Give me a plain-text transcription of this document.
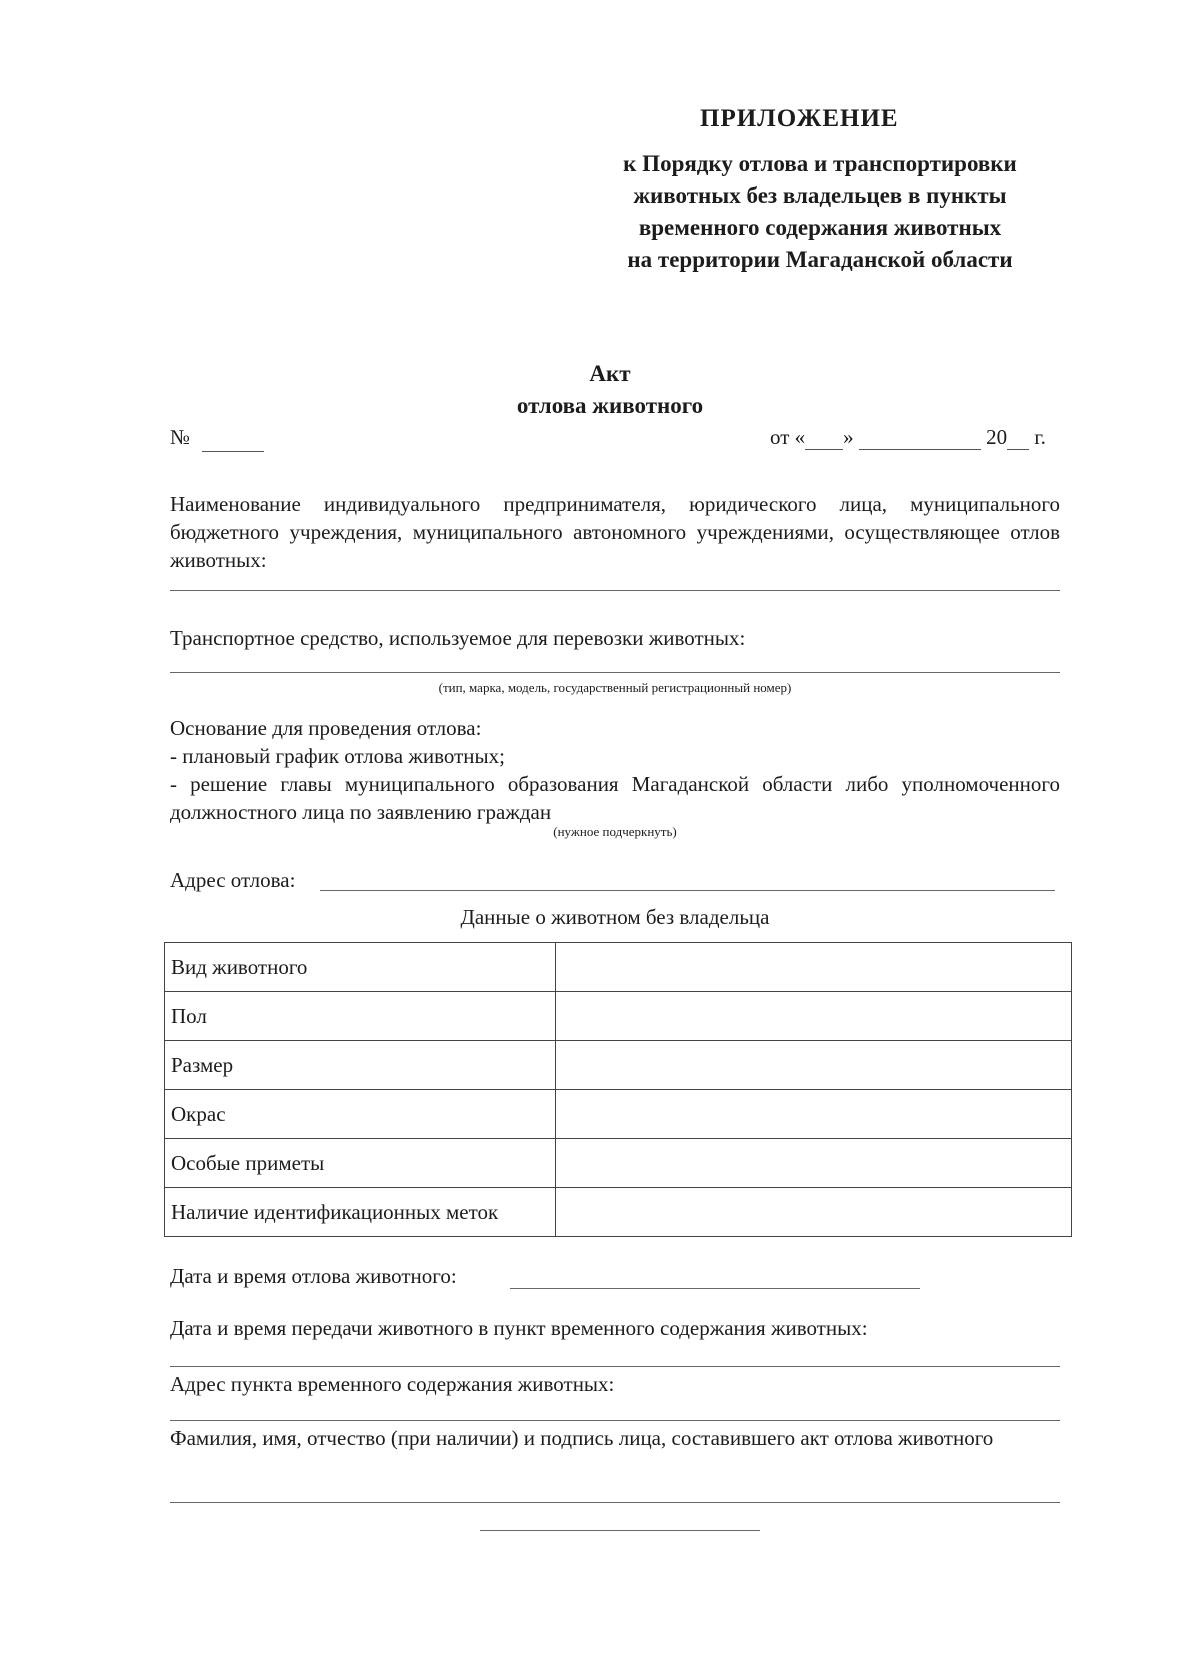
ПРИЛОЖЕНИЕ
к Порядку отлова и транспортировки
животных без владельцев в пункты
временного содержания животных
на территории Магаданской области
Акт
отлова животного
№	от « »	20 г.
Наименование индивидуального предпринимателя, юридического лица, муниципального бюджетного учреждения, муниципального автономного учреждениями, осуществляющее отлов животных:
Транспортное средство, используемое для перевозки животных:
(тип, марка, модель, государственный регистрационный номер)
Основание для проведения отлова:
- плановый график отлова животных;
- решение главы муниципального образования Магаданской области либо уполномоченного должностного лица по заявлению граждан
(нужное подчеркнуть)
Адрес отлова:
Данные о животном без владельца
Вид животного	
Пол	
Размер	
Окрас	
Особые приметы	
Наличие идентификационных меток	
Дата и время отлова животного:
Дата и время передачи животного в пункт временного содержания животных:
Адрес пункта временного содержания животных:
Фамилия, имя, отчество (при наличии) и подпись лица, составившего акт отлова животного
